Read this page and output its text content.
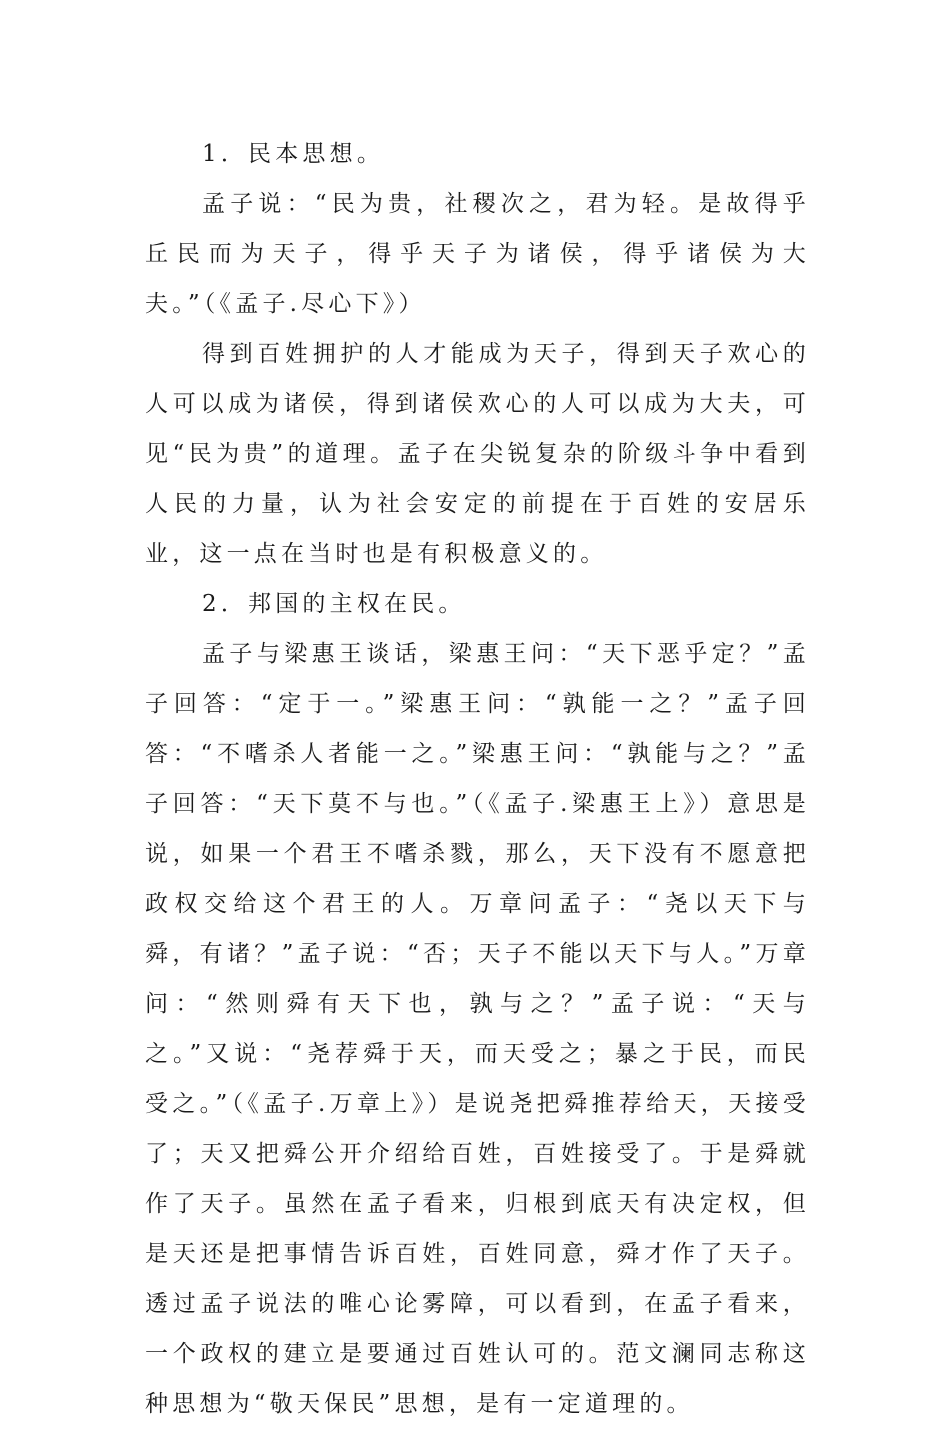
1．民本思想。

孟子说：“民为贵，社稷次之，君为轻。是故得乎丘民而为天子，得乎天子为诸侯，得乎诸侯为大夫。”（《孟子.尽心下》）

得到百姓拥护的人才能成为天子，得到天子欢心的人可以成为诸侯，得到诸侯欢心的人可以成为大夫，可见“民为贵”的道理。孟子在尖锐复杂的阶级斗争中看到人民的力量，认为社会安定的前提在于百姓的安居乐业，这一点在当时也是有积极意义的。

2．邦国的主权在民。

孟子与梁惠王谈话，梁惠王问：“天下恶乎定？”孟子回答：“定于一。”梁惠王问：“孰能一之？”孟子回答：“不嗜杀人者能一之。”梁惠王问：“孰能与之？”孟子回答：“天下莫不与也。”（《孟子.梁惠王上》）意思是说，如果一个君王不嗜杀戮，那么，天下没有不愿意把政权交给这个君王的人。万章问孟子：“尧以天下与舜，有诸？”孟子说：“否；天子不能以天下与人。”万章问：“然则舜有天下也，孰与之？”孟子说：“天与之。”又说：“尧荐舜于天，而天受之；暴之于民，而民受之。”（《孟子.万章上》）是说尧把舜推荐给天，天接受了；天又把舜公开介绍给百姓，百姓接受了。于是舜就作了天子。虽然在孟子看来，归根到底天有决定权，但是天还是把事情告诉百姓，百姓同意，舜才作了天子。透过孟子说法的唯心论雾障，可以看到，在孟子看来，一个政权的建立是要通过百姓认可的。范文澜同志称这种思想为“敬天保民”思想，是有一定道理的。
